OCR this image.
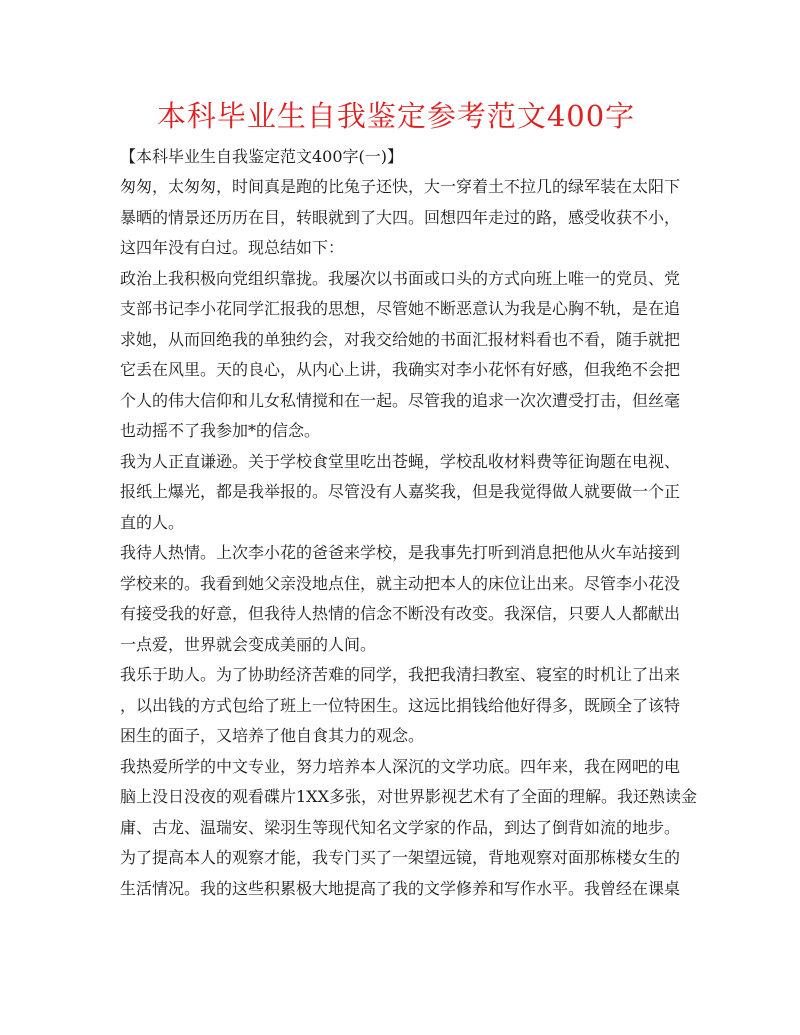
本科毕业生自我鉴定参考范文400字
【本科毕业生自我鉴定范文400字(一)】
匆匆，太匆匆，时间真是跑的比兔子还快，大一穿着土不拉几的绿军装在太阳下
暴晒的情景还历历在目，转眼就到了大四。回想四年走过的路，感受收获不小，
这四年没有白过。现总结如下：
政治上我积极向党组织靠拢。我屡次以书面或口头的方式向班上唯一的党员、党
支部书记李小花同学汇报我的思想，尽管她不断恶意认为我是心胸不轨，是在追
求她，从而回绝我的单独约会，对我交给她的书面汇报材料看也不看，随手就把
它丢在风里。天的良心，从内心上讲，我确实对李小花怀有好感，但我绝不会把
个人的伟大信仰和儿女私情搅和在一起。尽管我的追求一次次遭受打击，但丝毫
也动摇不了我参加*的信念。
我为人正直谦逊。关于学校食堂里吃出苍蝇，学校乱收材料费等征询题在电视、
报纸上爆光，都是我举报的。尽管没有人嘉奖我，但是我觉得做人就要做一个正
直的人。
我待人热情。上次李小花的爸爸来学校，是我事先打听到消息把他从火车站接到
学校来的。我看到她父亲没地点住，就主动把本人的床位让出来。尽管李小花没
有接受我的好意，但我待人热情的信念不断没有改变。我深信，只要人人都献出
一点爱，世界就会变成美丽的人间。
我乐于助人。为了协助经济苦难的同学，我把我清扫教室、寝室的时机让了出来
，以出钱的方式包给了班上一位特困生。这远比捐钱给他好得多，既顾全了该特
困生的面子，又培养了他自食其力的观念。
我热爱所学的中文专业，努力培养本人深沉的文学功底。四年来，我在网吧的电
脑上没日没夜的观看碟片1XX多张，对世界影视艺术有了全面的理解。我还熟读金
庸、古龙、温瑞安、梁羽生等现代知名文学家的作品，到达了倒背如流的地步。
为了提高本人的观察才能，我专门买了一架望远镜，背地观察对面那栋楼女生的
生活情况。我的这些积累极大地提高了我的文学修养和写作水平。我曾经在课桌
